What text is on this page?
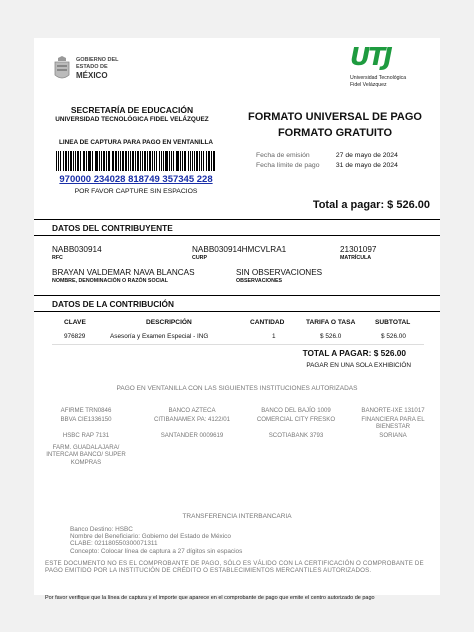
GOBIERNO DEL
ESTADO DE
MÉXICO
UTJ
Universidad Tecnológica
Fidel Velázquez
SECRETARÍA DE EDUCACIÓN
UNIVERSIDAD TECNOLÓGICA FIDEL VELÁZQUEZ	FORMATO UNIVERSAL DE PAGO
FORMATO GRATUITO
LINEA DE CAPTURA PARA PAGO EN VENTANILLA
970000 234028 818749 357345 228
POR FAVOR CAPTURE SIN ESPACIOS
Fecha de emisión	27 de mayo de 2024
Fecha límite de pago 31 de mayo de 2024
Total a pagar: $ 526.00
DATOS DEL CONTRIBUYENTE
NABB030914
RFC
NABB030914HMCVLRA1
CURP
21301097
MATRÍCULA
BRAYAN VALDEMAR NAVA BLANCAS
NOMBRE, DENOMINACIÓN O RAZÓN SOCIAL
SIN OBSERVACIONES
OBSERVACIONES
DATOS DE LA CONTRIBUCIÓN
CLAVE	DESCRIPCIÓN	CANTIDAD	TARIFA O TASA	SUBTOTAL
976829	Asesoría y Examen Especial - ING	1	$ 526.0	$ 526.00
TOTAL A PAGAR: $ 526.00
PAGAR EN UNA SOLA EXHIBICIÓN
PAGO EN VENTANILLA CON LAS SIGUIENTES INSTITUCIONES AUTORIZADAS
AFIRME TRN0846	BANCO AZTECA	BANCO DEL BAJÍO 1009	BANORTE-IXE 131017
BBVA CIE1336150	CITIBANAMEX PA: 4122/01	COMERCIAL CITY FRESKO	FINANCIERA PARA EL BIENESTAR
HSBC RAP 7131	SANTANDER 0009619	SCOTIABANK 3793	SORIANA
FARM. GUADALAJARA/ INTERCAM BANCO/ SUPER KOMPRAS
TRANSFERENCIA INTERBANCARIA
Banco Destino: HSBC
Nombre del Beneficiario: Gobierno del Estado de México
CLABE: 021180550300071311
Concepto: Colocar línea de captura a 27 dígitos sin espacios
ESTE DOCUMENTO NO ES EL COMPROBANTE DE PAGO, SÓLO ES VÁLIDO CON LA CERTIFICACIÓN O COMPROBANTE DE PAGO EMITIDO POR LA INSTITUCIÓN DE CRÉDITO O ESTABLECIMIENTOS MERCANTILES AUTORIZADOS.
Por favor verifique que la línea de captura y el importe que aparece en el comprobante de pago que emite el centro autorizado de pago
